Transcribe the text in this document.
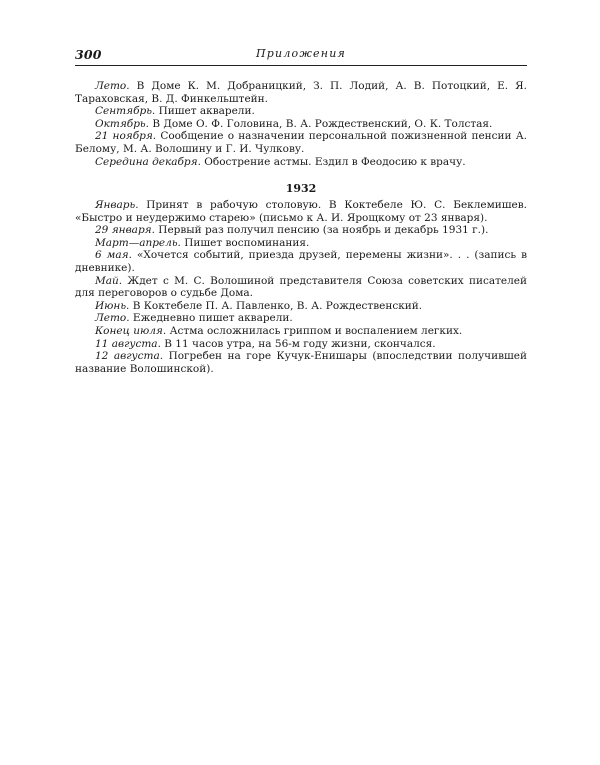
300	Приложения

Лето. В Доме К. М. Добраницкий, З. П. Лодий, А. В. Потоцкий, Е. Я. Тараховская, В. Д. Финкельштейн.

Сентябрь. Пишет акварели.

Октябрь. В Доме О. Ф. Головина, В. А. Рождественский, О. К. Толстая.

21 ноября. Сообщение о назначении персональной пожизненной пенсии А. Белому, М. А. Волошину и Г. И. Чулкову.

Середина декабря. Обострение астмы. Ездил в Феодосию к врачу.

1932

Январь. Принят в рабочую столовую. В Коктебеле Ю. С. Беклемишев. «Быстро и неудержимо старею» (письмо к А. И. Ярощкому от 23 января).

29 января. Первый раз получил пенсию (за ноябрь и декабрь 1931 г.).

Март—апрель. Пишет воспоминания.

6 мая. «Хочется событий, приезда друзей, перемены жизни». . . (запись в дневнике).

Май. Ждет с М. С. Волошиной представителя Союза советских писателей для переговоров о судьбе Дома.

Июнь. В Коктебеле П. А. Павленко, В. А. Рождественский.

Лето. Ежедневно пишет акварели.

Конец июля. Астма осложнилась гриппом и воспалением легких.

11 августа. В 11 часов утра, на 56-м году жизни, скончался.

12 августа. Погребен на горе Кучук-Енишары (впоследствии получившей название Волошинской).
